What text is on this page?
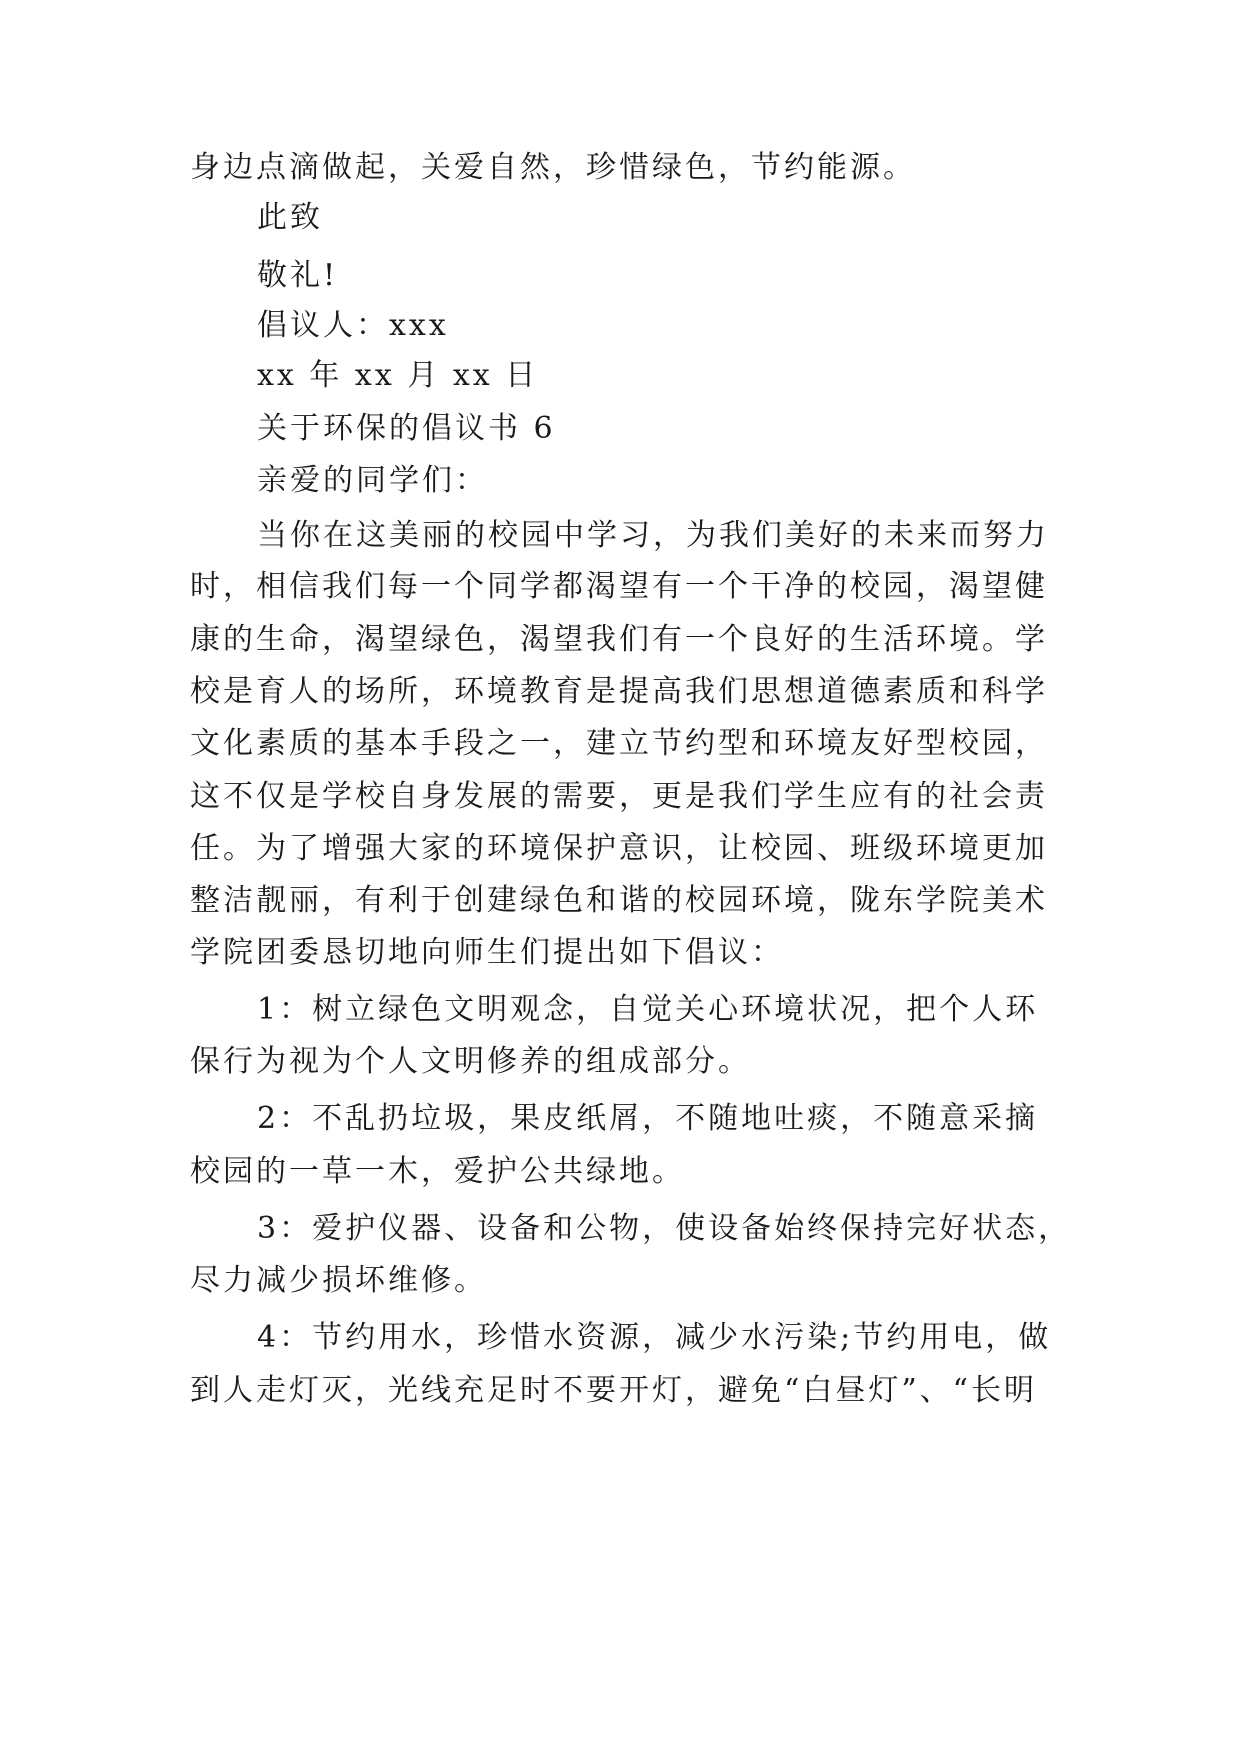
身边点滴做起，关爱自然，珍惜绿色，节约能源。
此致
敬礼!
倡议人：xxx
xx 年 xx 月 xx 日
关于环保的倡议书 6
亲爱的同学们：
当你在这美丽的校园中学习，为我们美好的未来而努力
时，相信我们每一个同学都渴望有一个干净的校园，渴望健
康的生命，渴望绿色，渴望我们有一个良好的生活环境。学
校是育人的场所，环境教育是提高我们思想道德素质和科学
文化素质的基本手段之一，建立节约型和环境友好型校园，
这不仅是学校自身发展的需要，更是我们学生应有的社会责
任。为了增强大家的环境保护意识，让校园、班级环境更加
整洁靓丽，有利于创建绿色和谐的校园环境，陇东学院美术
学院团委恳切地向师生们提出如下倡议：
1：树立绿色文明观念，自觉关心环境状况，把个人环
保行为视为个人文明修养的组成部分。
2：不乱扔垃圾，果皮纸屑，不随地吐痰，不随意采摘
校园的一草一木，爱护公共绿地。
3：爱护仪器、设备和公物，使设备始终保持完好状态，
尽力减少损坏维修。
4：节约用水，珍惜水资源，减少水污染;节约用电，做
到人走灯灭，光线充足时不要开灯，避免“白昼灯”、“长明
